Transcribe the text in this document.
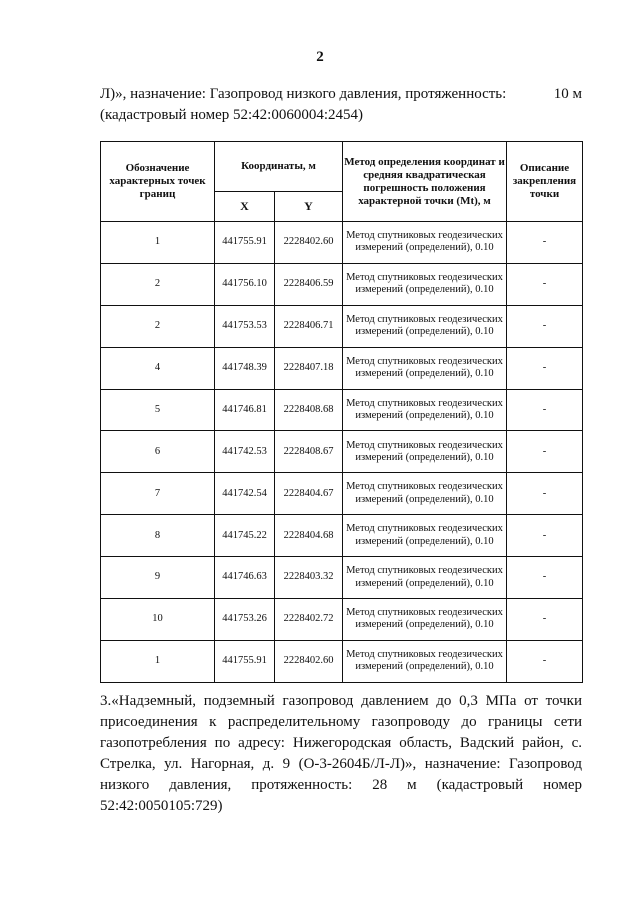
2
Л)», назначение: Газопровод низкого давления, протяженность:	10 м
(кадастровый номер 52:42:0060004:2454)
Обозначение характерных точек границ	Координаты, м		Метод определения координат и средняя квадратическая погрешность положения характерной точки (Mt), м	Описание закрепления точки
	X	Y		
1	441755.91	2228402.60	Метод спутниковых геодезических измерений (определений), 0.10	-
2	441756.10	2228406.59	Метод спутниковых геодезических измерений (определений), 0.10	-
2	441753.53	2228406.71	Метод спутниковых геодезических измерений (определений), 0.10	-
4	441748.39	2228407.18	Метод спутниковых геодезических измерений (определений), 0.10	-
5	441746.81	2228408.68	Метод спутниковых геодезических измерений (определений), 0.10	-
6	441742.53	2228408.67	Метод спутниковых геодезических измерений (определений), 0.10	-
7	441742.54	2228404.67	Метод спутниковых геодезических измерений (определений), 0.10	-
8	441745.22	2228404.68	Метод спутниковых геодезических измерений (определений), 0.10	-
9	441746.63	2228403.32	Метод спутниковых геодезических измерений (определений), 0.10	-
10	441753.26	2228402.72	Метод спутниковых геодезических измерений (определений), 0.10	-
1	441755.91	2228402.60	Метод спутниковых геодезических измерений (определений), 0.10	-

3.«Надземный, подземный газопровод давлением до 0,3 МПа от точки присоединения к распределительному газопроводу до границы сети газопотребления по адресу: Нижегородская область, Вадский район, с. Стрелка, ул. Нагорная, д. 9 (О-3-2604Б/Л-Л)», назначение: Газопровод низкого давления, протяженность: 28 м (кадастровый номер

52:42:0050105:729)
